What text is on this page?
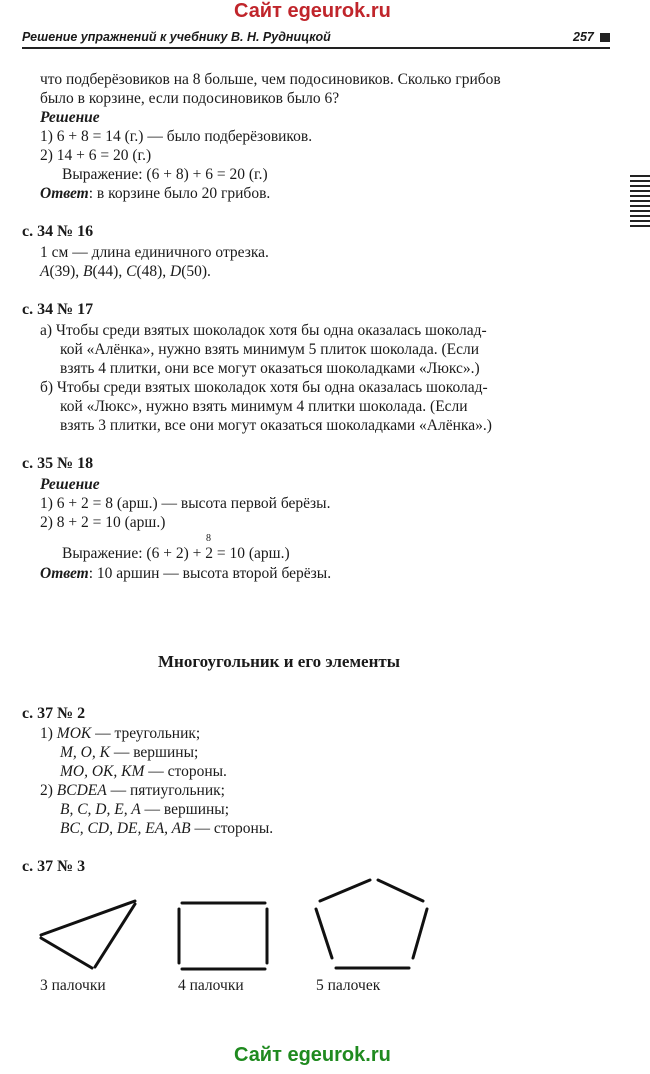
Сайт egeurok.ru
Решение упражнений к учебнику В. Н. Рудницкой	257
что подберёзовиков на 8 больше, чем подосиновиков. Сколько грибов
было в корзине, если подосиновиков было 6?
Решение
1) 6 + 8 = 14 (г.) — было подберёзовиков.
2) 14 + 6 = 20 (г.)
Выражение: (6 + 8) + 6 = 20 (г.)
Ответ: в корзине было 20 грибов.
с. 34 № 16
1 см — длина единичного отрезка.
A(39), B(44), C(48), D(50).
с. 34 № 17
а) Чтобы среди взятых шоколадок хотя бы одна оказалась шоколад-
кой «Алёнка», нужно взять минимум 5 плиток шоколада. (Если
взять 4 плитки, они все могут оказаться шоколадками «Люкс».)
б) Чтобы среди взятых шоколадок хотя бы одна оказалась шоколад-
кой «Люкс», нужно взять минимум 4 плитки шоколада. (Если
взять 3 плитки, все они могут оказаться шоколадками «Алёнка».)
с. 35 № 18
Решение
1) 6 + 2 = 8 (арш.) — высота первой берёзы.
2) 8 + 2 = 10 (арш.)
8
Выражение: (6 + 2) + 2 = 10 (арш.)
Ответ: 10 аршин — высота второй берёзы.
Многоугольник и его элементы
с. 37 № 2
1) MOK — треугольник;
M, O, K — вершины;
MO, OK, KM — стороны.
2) BCDEA — пятиугольник;
B, C, D, E, A — вершины;
BC, CD, DE, EA, AB — стороны.
с. 37 № 3
3 палочки	4 палочки	5 палочек
Сайт egeurok.ru
